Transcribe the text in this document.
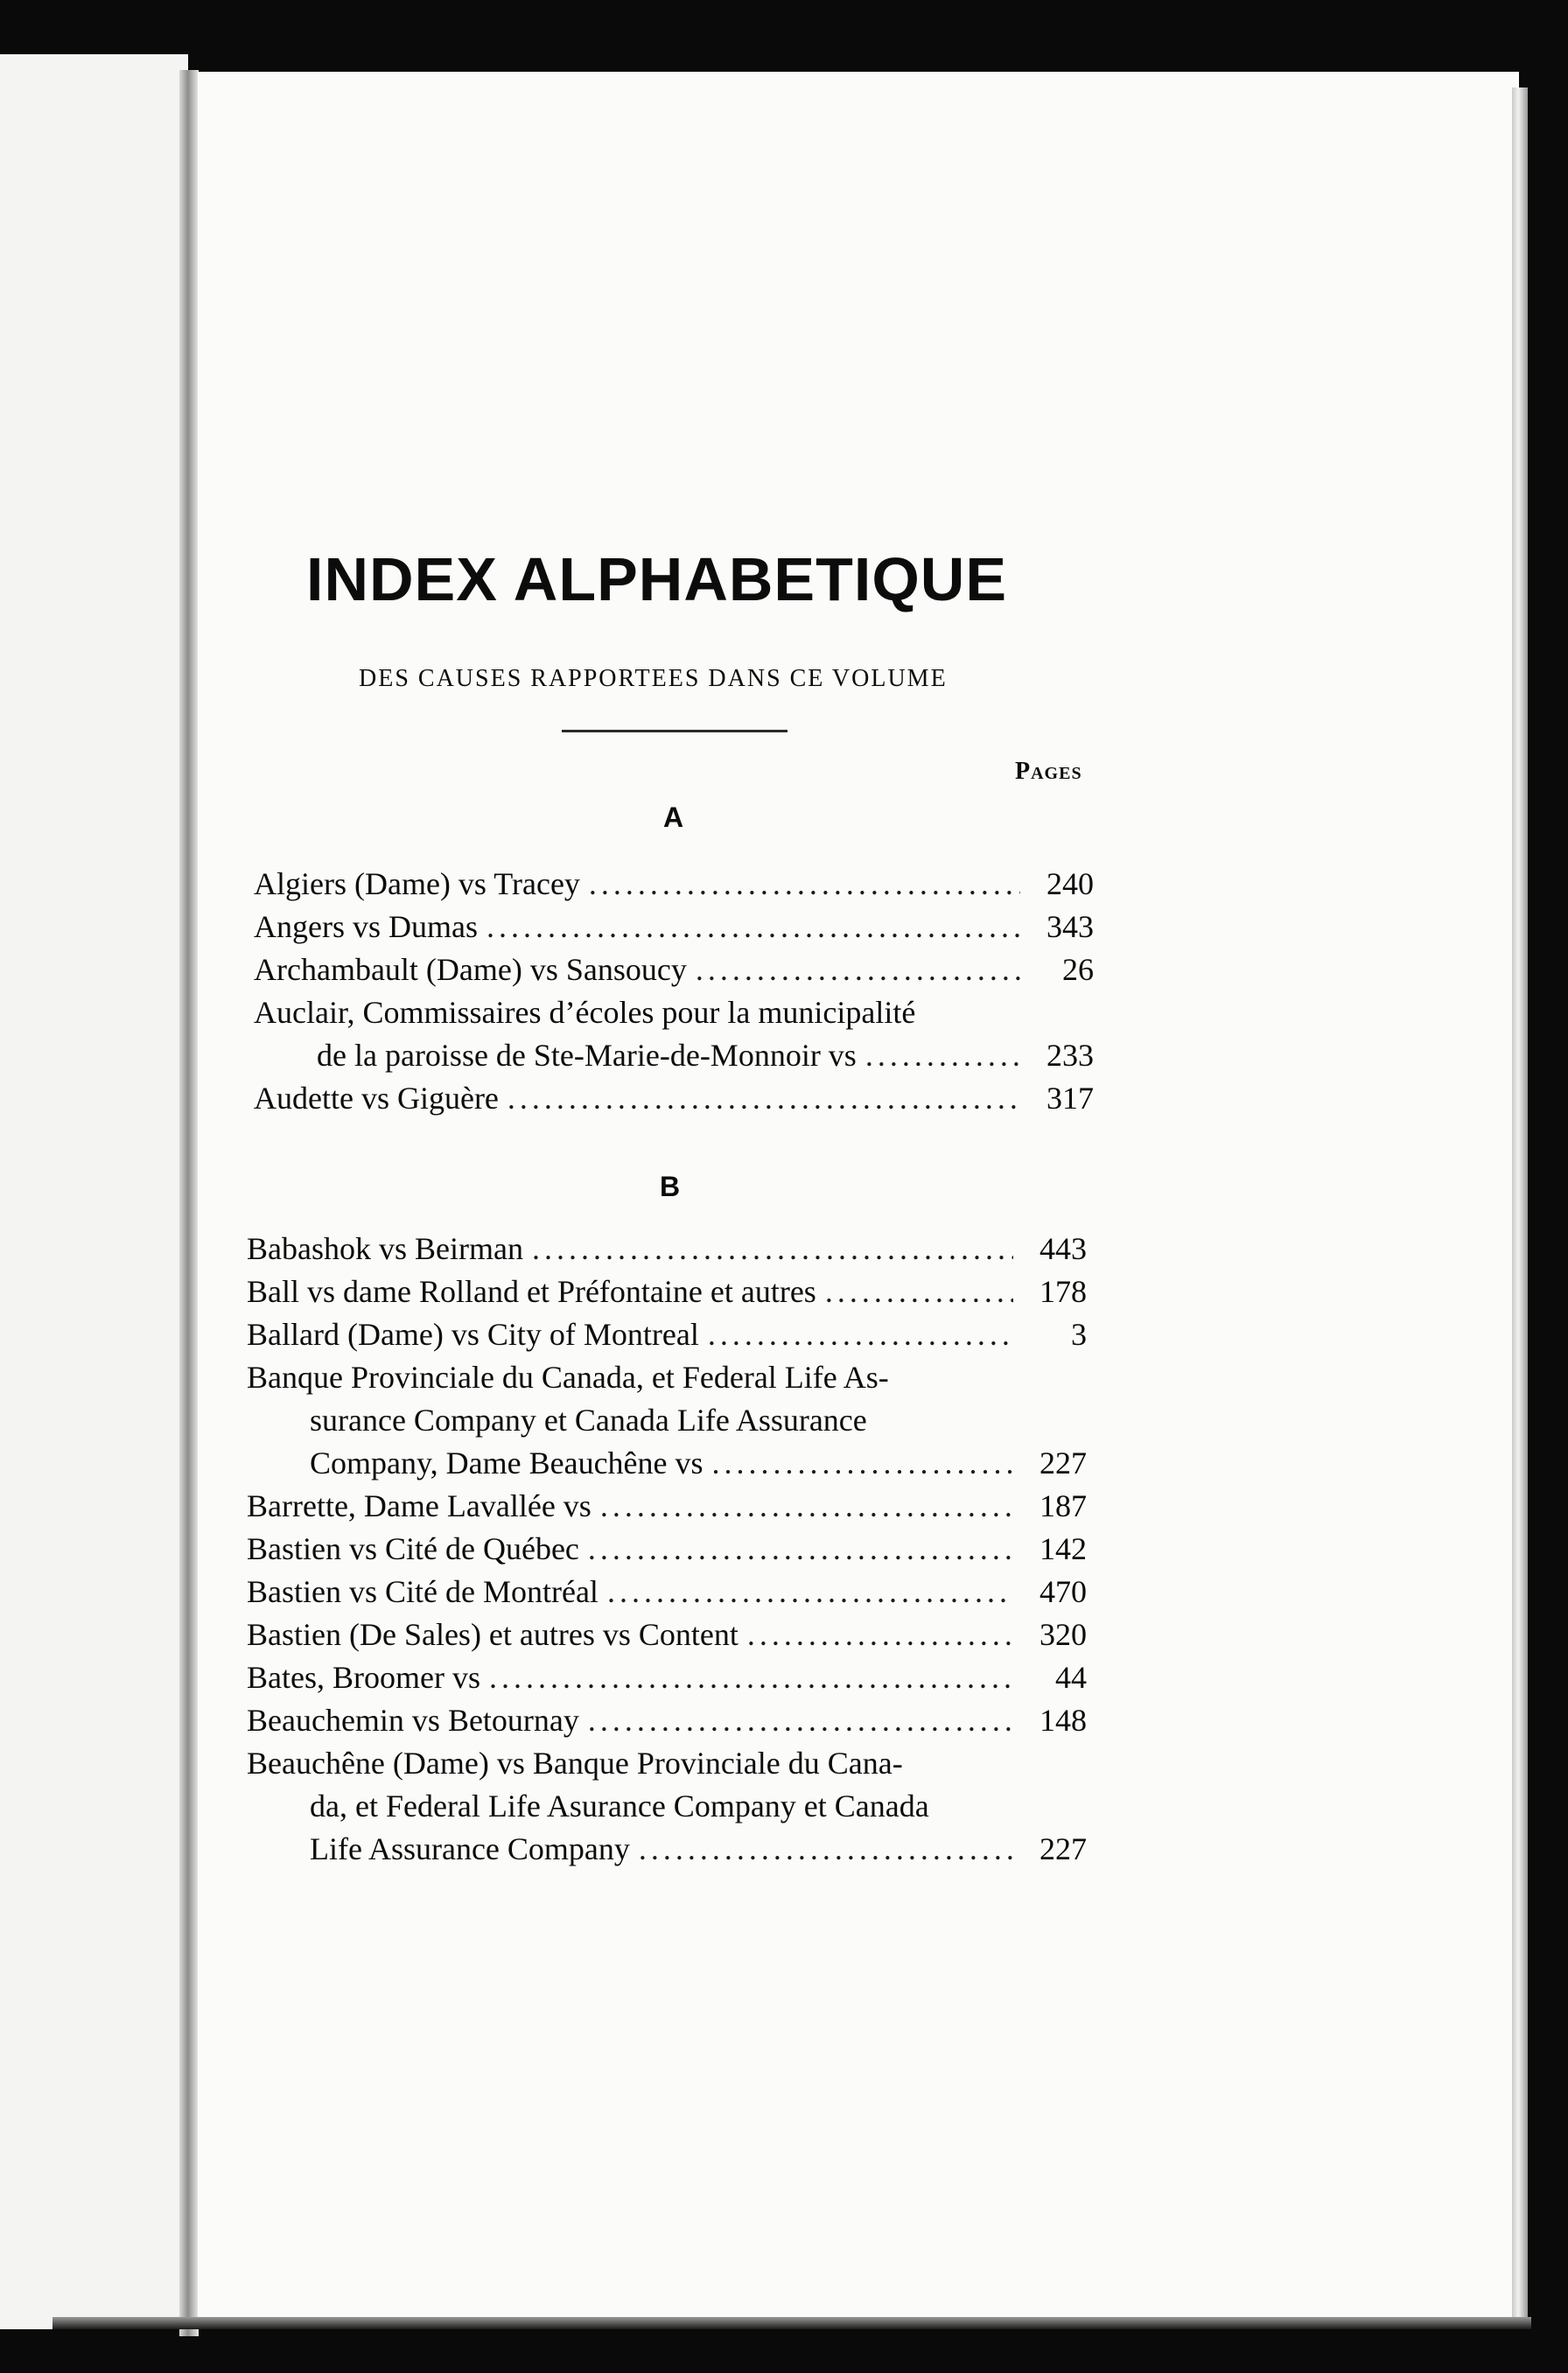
INDEX ALPHABETIQUE
DES CAUSES RAPPORTEES DANS CE VOLUME
Pages
A
Algiers (Dame) vs Tracey .....	240
Angers vs Dumas .....	343
Archambault (Dame) vs Sansoucy .....	26
Auclair, Commissaires d’écoles pour la municipalité
de la paroisse de Ste-Marie-de-Monnoir vs .....	233
Audette vs Giguère .....	317
B
Babashok vs Beirman .....	443
Ball vs dame Rolland et Préfontaine et autres .....	178
Ballard (Dame) vs City of Montreal .....	3
Banque Provinciale du Canada, et Federal Life As-
surance Company et Canada Life Assurance
Company, Dame Beauchêne vs .....	227
Barrette, Dame Lavallée vs .....	187
Bastien vs Cité de Québec .....	142
Bastien vs Cité de Montréal .....	470
Bastien (De Sales) et autres vs Content .....	320
Bates, Broomer vs .....	44
Beauchemin vs Betournay .....	148
Beauchêne (Dame) vs Banque Provinciale du Cana-
da, et Federal Life Asurance Company et Canada
Life Assurance Company .....	227
